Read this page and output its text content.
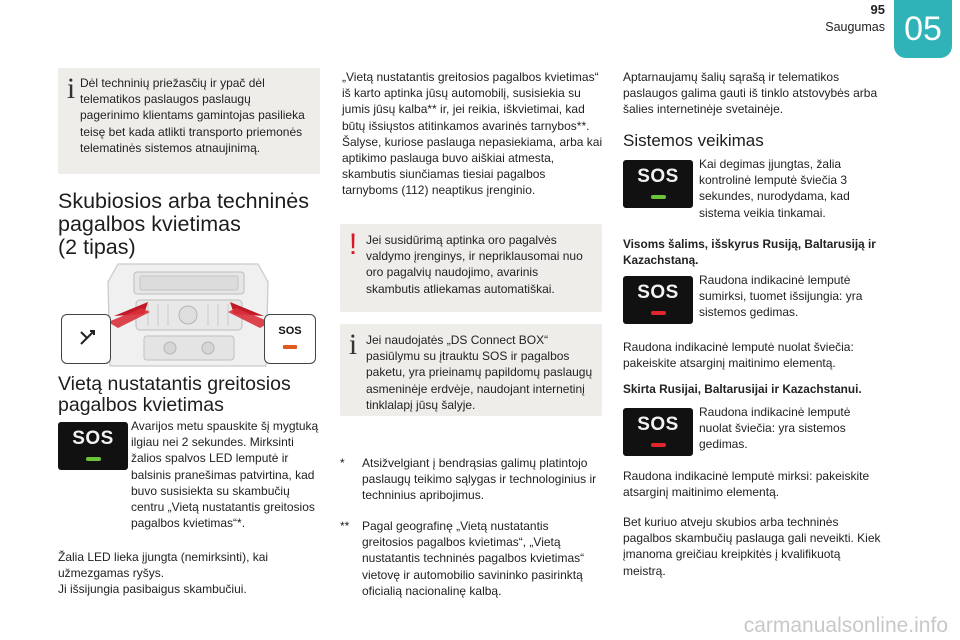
95
Saugumas 05
i Dėl techninių priežasčių ir ypač dėl telematikos paslaugos paslaugų pagerinimo klientams gamintojas pasilieka teisę bet kada atlikti transporto priemonės telematinės sistemos atnaujinimą.

Skubiosios arba techninės
pagalbos kvietimas
(2 tipas)
SOS
Vietą nustatantis greitosios
pagalbos kvietimas
SOS
Avarijos metu spauskite šį mygtuką ilgiau nei 2 sekundes. Mirksinti žalios spalvos LED lemputė ir balsinis pranešimas patvirtina, kad buvo susisiekta su skambučių centru „Vietą nustatantis greitosios pagalbos kvietimas“*.
Žalia LED lieka įjungta (nemirksinti), kai užmezgamas ryšys.
Ji išsijungia pasibaigus skambučiui.
„Vietą nustatantis greitosios pagalbos kvietimas“ iš karto aptinka jūsų automobilį, susisiekia su jumis jūsų kalba** ir, jei reikia, iškvietimai, kad būtų išsiųstos atitinkamos avarinės tarnybos**. Šalyse, kuriose paslauga nepasiekiama, arba kai aptikimo paslauga buvo aiškiai atmesta, skambutis siunčiamas tiesiai pagalbos tarnyboms (112) neaptikus įrenginio.
! Jei susidūrimą aptinka oro pagalvės valdymo įrenginys, ir nepriklausomai nuo oro pagalvių naudojimo, avarinis skambutis atliekamas automatiškai.

i Jei naudojatės „DS Connect BOX“ pasiūlymu su įtrauktu SOS ir pagalbos paketu, yra prieinamų papildomų paslaugų asmeninėje erdvėje, naudojant internetinį tinklalapį jūsų šalyje.

* Atsižvelgiant į bendrąsias galimų platintojo paslaugų teikimo sąlygas ir technologinius ir techninius apribojimus.
** Pagal geografinę „Vietą nustatantis greitosios pagalbos kvietimas“, „Vietą nustatantis techninės pagalbos kvietimas“ vietovę ir automobilio savininko pasirinktą oficialią nacionalinę kalbą.
Aptarnaujamų šalių sąrašą ir telematikos paslaugos galima gauti iš tinklo atstovybės arba šalies internetinėje svetainėje.
Sistemos veikimas
SOS
Kai degimas įjungtas, žalia kontrolinė lemputė šviečia 3 sekundes, nurodydama, kad sistema veikia tinkamai.
Visoms šalims, išskyrus Rusiją, Baltarusiją ir Kazachstaną.
SOS
Raudona indikacinė lemputė sumirksi, tuomet išsijungia: yra sistemos gedimas.
Raudona indikacinė lemputė nuolat šviečia: pakeiskite atsarginį maitinimo elementą.
Skirta Rusijai, Baltarusijai ir Kazachstanui.
SOS
Raudona indikacinė lemputė nuolat šviečia: yra sistemos gedimas.
Raudona indikacinė lemputė mirksi: pakeiskite atsarginį maitinimo elementą.
Bet kuriuo atveju skubios arba techninės pagalbos skambučių paslauga gali neveikti. Kiek įmanoma greičiau kreipkitės į kvalifikuotą meistrą.
carmanualsonline.info
